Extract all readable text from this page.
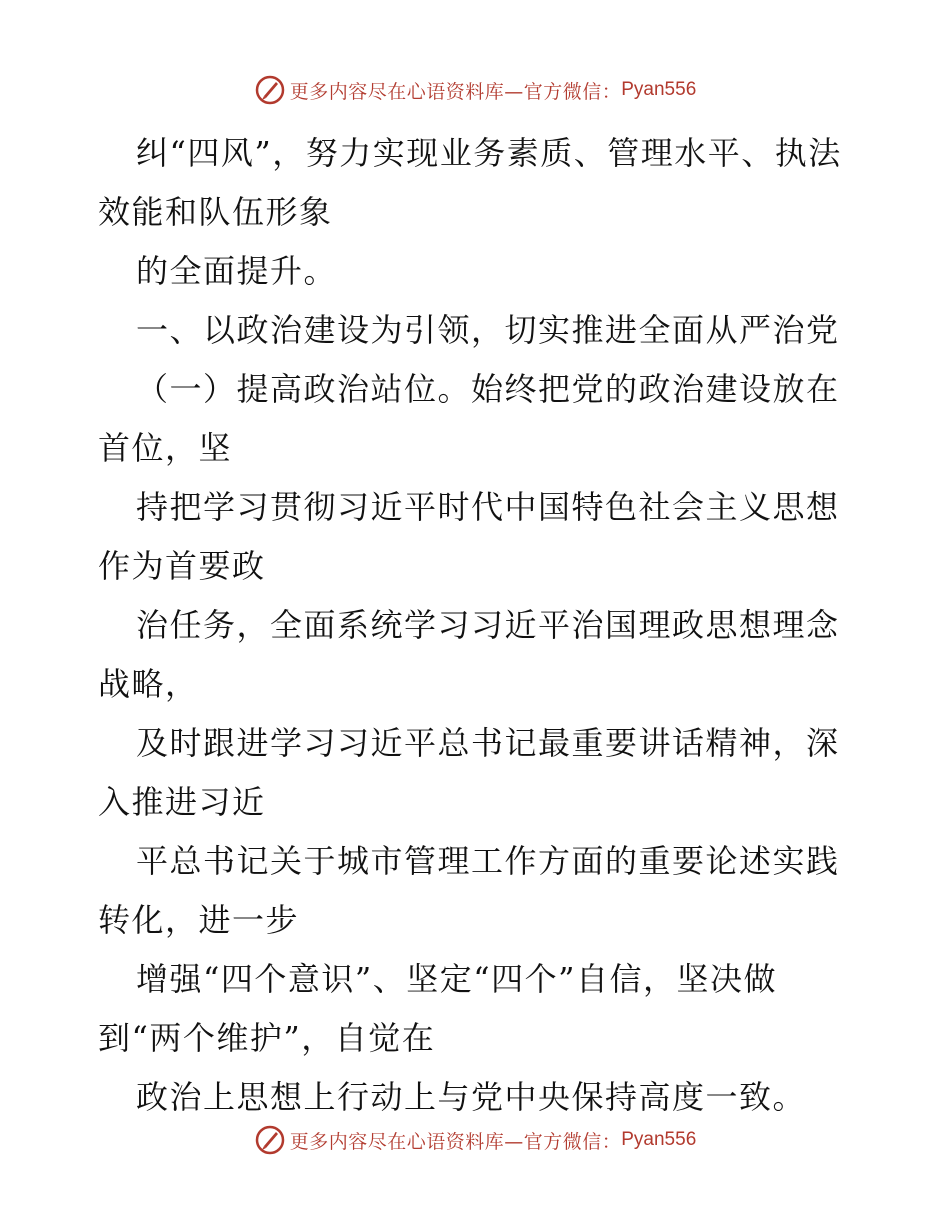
更多内容尽在心语资料库—官方微信： Pyan556

纠“四风”，努力实现业务素质、管理水平、执法效能和队伍形象

的全面提升。

一、以政治建设为引领，切实推进全面从严治党

（一）提高政治站位。始终把党的政治建设放在首位，坚

持把学习贯彻习近平时代中国特色社会主义思想作为首要政

治任务，全面系统学习习近平治国理政思想理念战略，

及时跟进学习习近平总书记最重要讲话精神，深入推进习近

平总书记关于城市管理工作方面的重要论述实践转化，进一步

增强“四个意识”、坚定“四个”自信，坚决做到“两个维护”，自觉在

政治上思想上行动上与党中央保持高度一致。

更多内容尽在心语资料库—官方微信： Pyan556
